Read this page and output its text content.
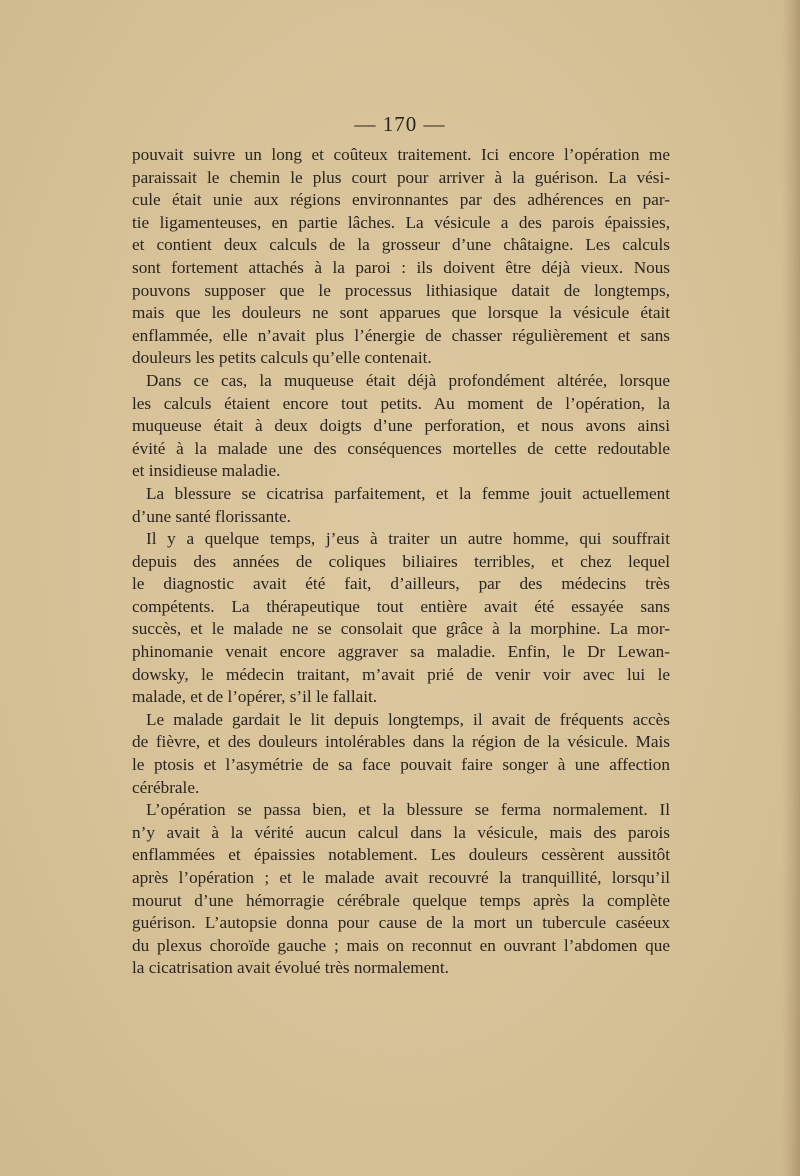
— 170 —

pouvait suivre un long et coûteux traitement. Ici encore l’opération me
paraissait le chemin le plus court pour arriver à la guérison. La vési-
cule était unie aux régions environnantes par des adhérences en par-
tie ligamenteuses, en partie lâches. La vésicule a des parois épaissies,
et contient deux calculs de la grosseur d’une châtaigne. Les calculs
sont fortement attachés à la paroi : ils doivent être déjà vieux. Nous
pouvons supposer que le processus lithiasique datait de longtemps,
mais que les douleurs ne sont apparues que lorsque la vésicule était
enflammée, elle n’avait plus l’énergie de chasser régulièrement et sans
douleurs les petits calculs qu’elle contenait.

Dans ce cas, la muqueuse était déjà profondément altérée, lorsque
les calculs étaient encore tout petits. Au moment de l’opération, la
muqueuse était à deux doigts d’une perforation, et nous avons ainsi
évité à la malade une des conséquences mortelles de cette redoutable
et insidieuse maladie.

La blessure se cicatrisa parfaitement, et la femme jouit actuellement
d’une santé florissante.

Il y a quelque temps, j’eus à traiter un autre homme, qui souffrait
depuis des années de coliques biliaires terribles, et chez lequel
le diagnostic avait été fait, d’ailleurs, par des médecins très
compétents. La thérapeutique tout entière avait été essayée sans
succès, et le malade ne se consolait que grâce à la morphine. La mor-
phinomanie venait encore aggraver sa maladie. Enfin, le Dr Lewan-
dowsky, le médecin traitant, m’avait prié de venir voir avec lui le
malade, et de l’opérer, s’il le fallait.

Le malade gardait le lit depuis longtemps, il avait de fréquents accès
de fièvre, et des douleurs intolérables dans la région de la vésicule. Mais
le ptosis et l’asymétrie de sa face pouvait faire songer à une affection
cérébrale.

L’opération se passa bien, et la blessure se ferma normalement. Il
n’y avait à la vérité aucun calcul dans la vésicule, mais des parois
enflammées et épaissies notablement. Les douleurs cessèrent aussitôt
après l’opération ; et le malade avait recouvré la tranquillité, lorsqu’il
mourut d’une hémorragie cérébrale quelque temps après la complète
guérison. L’autopsie donna pour cause de la mort un tubercule caséeux
du plexus choroïde gauche ; mais on reconnut en ouvrant l’abdomen que
la cicatrisation avait évolué très normalement.
